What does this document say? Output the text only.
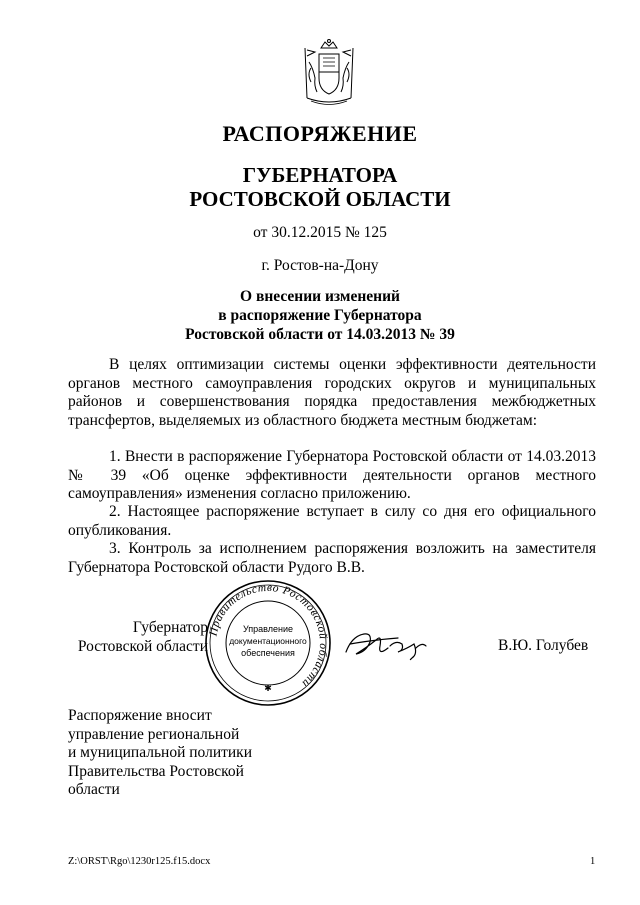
РАСПОРЯЖЕНИЕ
ГУБЕРНАТОРА
РОСТОВСКОЙ ОБЛАСТИ
от 30.12.2015 № 125
г. Ростов-на-Дону
О внесении изменений
в распоряжение Губернатора
Ростовской области от 14.03.2013 № 39

В целях оптимизации системы оценки эффективности деятельности органов местного самоуправления городских округов и муниципальных районов и совершенствования порядка предоставления межбюджетных трансфертов, выделяемых из областного бюджета местным бюджетам:

1. Внести в распоряжение Губернатора Ростовской области от 14.03.2013 № 39 «Об оценке эффективности деятельности органов местного самоуправления» изменения согласно приложению.

2. Настоящее распоряжение вступает в силу со дня его официального опубликования.

3. Контроль за исполнением распоряжения возложить на заместителя Губернатора Ростовской области Рудого В.В.

Губернатор
Ростовской области
Правительство Ростовской области
Управление
документационного
обеспечения
✱
В.Ю. Голубев
Распоряжение вносит
управление региональной
и муниципальной политики
Правительства Ростовской
области
Z:\ORST\Rgo\1230r125.f15.docx	1
